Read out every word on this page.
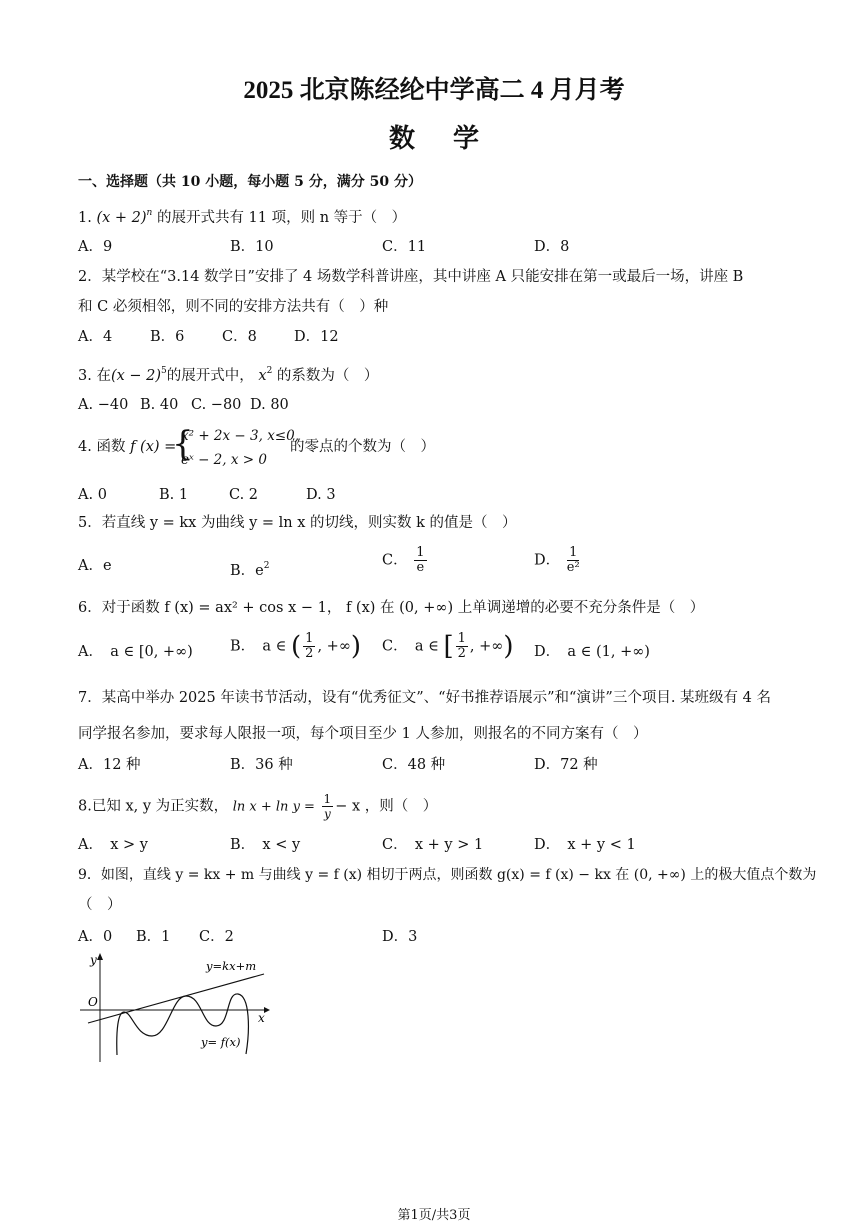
2025 北京陈经纶中学高二 4 月月考
数学
一、选择题（共 10 小题，每小题 5 分，满分 50 分）
1. $(x + 2)^n$ 的展开式共有 11 项，则 n 等于（　）
A．9	B．10	C．11	D．8
2．某学校在“3.14 数学日”安排了 4 场数学科普讲座，其中讲座 A 只能安排在第一或最后一场，讲座 B
和 C 必须相邻，则不同的安排方法共有（　）种
A．4	B．6	C．8	D．12
3. 在$(x - 2)^5$的展开式中， $x^2$ 的系数为（　）
A. −40 B. 40 C. −80 D. 80
4. 函数 f (x) =
{
x² + 2x − 3, x≤0,
eˣ − 2, x > 0
的零点的个数为（　）
A. 0	B. 1	C. 2	D. 3
5．若直线 y = kx 为曲线 y = ln x 的切线，则实数 k 的值是（　）
A．e	B．$e^2$	C． $\frac{1}{e}$	D． $\frac{1}{\text{e²}}$
6．对于函数 f (x) = ax² + cos x − 1， f (x) 在 (0, +∞) 上单调递增的必要不充分条件是（　）
A．　a ∈ [0, +∞)	B．　a ∈ ( $\frac{1}{2}$ , +∞) C．　a ∈ [ $\frac{1}{2}$ , +∞) D．　a ∈ (1, +∞)
7．某高中举办 2025 年读书节活动，设有“优秀征文”、“好书推荐语展示”和“演讲”三个项目. 某班级有 4 名
同学报名参加，要求每人限报一项，每个项目至少 1 人参加，则报名的不同方案有（　）
A．12 种	B．36 种	C．48 种	D．72 种
8.已知 x, y 为正实数， $\ln x + \ln y = \frac{1}{y} - x$ ，则（　）
A．　x > y	B．　x < y	C．　x + y > 1	D．　x + y < 1
9．如图，直线 y = kx + m 与曲线 y = f (x) 相切于两点，则函数 g(x) = f (x) − kx 在 (0, +∞) 上的极大值点个数为
（　）
A．0 B．1 C．2	D．3
y
x
O
y=kx+m
y= f(x)
第1页/共3页
